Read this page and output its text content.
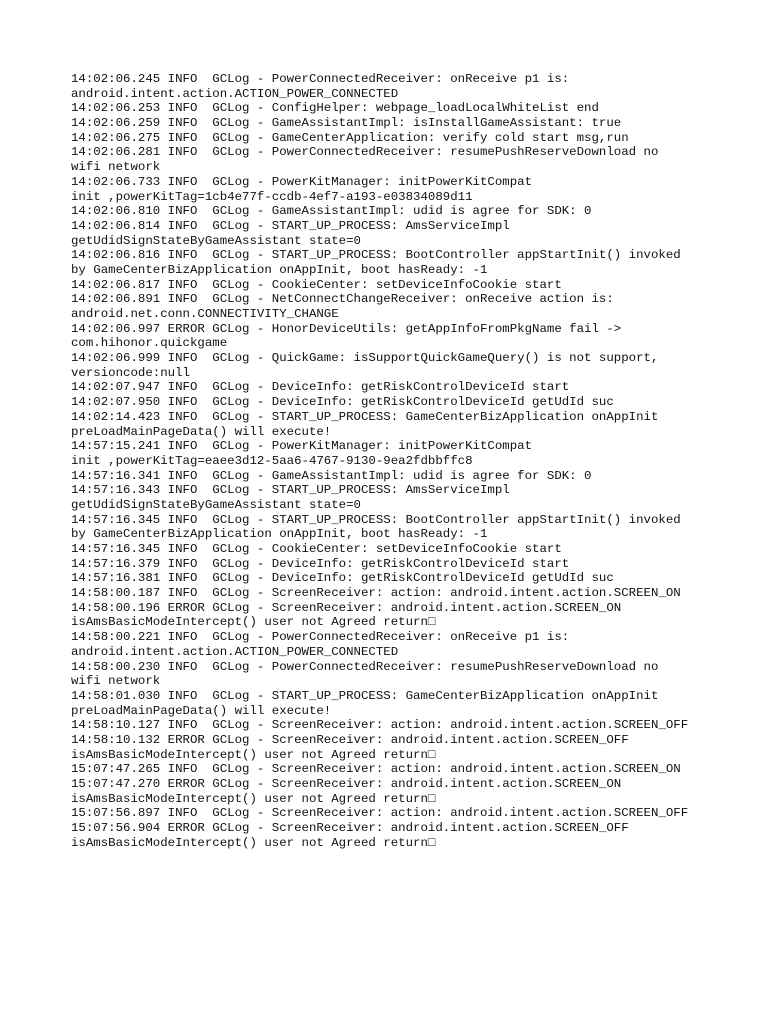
14:02:06.245 INFO  GCLog - PowerConnectedReceiver: onReceive p1 is:
android.intent.action.ACTION_POWER_CONNECTED
14:02:06.253 INFO  GCLog - ConfigHelper: webpage_loadLocalWhiteList end
14:02:06.259 INFO  GCLog - GameAssistantImpl: isInstallGameAssistant: true
14:02:06.275 INFO  GCLog - GameCenterApplication: verify cold start msg,run
14:02:06.281 INFO  GCLog - PowerConnectedReceiver: resumePushReserveDownload no
wifi network
14:02:06.733 INFO  GCLog - PowerKitManager: initPowerKitCompat
init ,powerKitTag=1cb4e77f-ccdb-4ef7-a193-e03834089d11
14:02:06.810 INFO  GCLog - GameAssistantImpl: udid is agree for SDK: 0
14:02:06.814 INFO  GCLog - START_UP_PROCESS: AmsServiceImpl
getUdidSignStateByGameAssistant state=0
14:02:06.816 INFO  GCLog - START_UP_PROCESS: BootController appStartInit() invoked
by GameCenterBizApplication onAppInit, boot hasReady: -1
14:02:06.817 INFO  GCLog - CookieCenter: setDeviceInfoCookie start
14:02:06.891 INFO  GCLog - NetConnectChangeReceiver: onReceive action is:
android.net.conn.CONNECTIVITY_CHANGE
14:02:06.997 ERROR GCLog - HonorDeviceUtils: getAppInfoFromPkgName fail ->
com.hihonor.quickgame
14:02:06.999 INFO  GCLog - QuickGame: isSupportQuickGameQuery() is not support,
versioncode:null
14:02:07.947 INFO  GCLog - DeviceInfo: getRiskControlDeviceId start
14:02:07.950 INFO  GCLog - DeviceInfo: getRiskControlDeviceId getUdId suc
14:02:14.423 INFO  GCLog - START_UP_PROCESS: GameCenterBizApplication onAppInit
preLoadMainPageData() will execute!
14:57:15.241 INFO  GCLog - PowerKitManager: initPowerKitCompat
init ,powerKitTag=eaee3d12-5aa6-4767-9130-9ea2fdbbffc8
14:57:16.341 INFO  GCLog - GameAssistantImpl: udid is agree for SDK: 0
14:57:16.343 INFO  GCLog - START_UP_PROCESS: AmsServiceImpl
getUdidSignStateByGameAssistant state=0
14:57:16.345 INFO  GCLog - START_UP_PROCESS: BootController appStartInit() invoked
by GameCenterBizApplication onAppInit, boot hasReady: -1
14:57:16.345 INFO  GCLog - CookieCenter: setDeviceInfoCookie start
14:57:16.379 INFO  GCLog - DeviceInfo: getRiskControlDeviceId start
14:57:16.381 INFO  GCLog - DeviceInfo: getRiskControlDeviceId getUdId suc
14:58:00.187 INFO  GCLog - ScreenReceiver: action: android.intent.action.SCREEN_ON
14:58:00.196 ERROR GCLog - ScreenReceiver: android.intent.action.SCREEN_ON
isAmsBasicModeIntercept() user not Agreed return□
14:58:00.221 INFO  GCLog - PowerConnectedReceiver: onReceive p1 is:
android.intent.action.ACTION_POWER_CONNECTED
14:58:00.230 INFO  GCLog - PowerConnectedReceiver: resumePushReserveDownload no
wifi network
14:58:01.030 INFO  GCLog - START_UP_PROCESS: GameCenterBizApplication onAppInit
preLoadMainPageData() will execute!
14:58:10.127 INFO  GCLog - ScreenReceiver: action: android.intent.action.SCREEN_OFF
14:58:10.132 ERROR GCLog - ScreenReceiver: android.intent.action.SCREEN_OFF
isAmsBasicModeIntercept() user not Agreed return□
15:07:47.265 INFO  GCLog - ScreenReceiver: action: android.intent.action.SCREEN_ON
15:07:47.270 ERROR GCLog - ScreenReceiver: android.intent.action.SCREEN_ON
isAmsBasicModeIntercept() user not Agreed return□
15:07:56.897 INFO  GCLog - ScreenReceiver: action: android.intent.action.SCREEN_OFF
15:07:56.904 ERROR GCLog - ScreenReceiver: android.intent.action.SCREEN_OFF
isAmsBasicModeIntercept() user not Agreed return□
